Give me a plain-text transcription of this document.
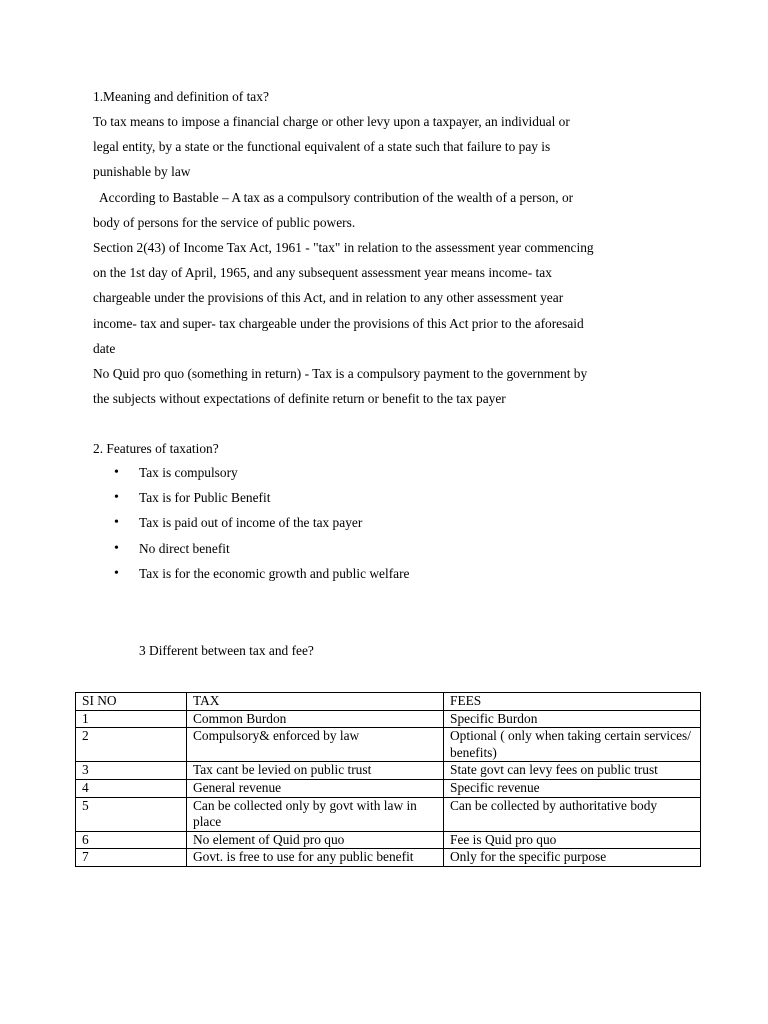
1.Meaning and definition of tax?

To tax means to impose a financial charge or other levy upon a taxpayer, an individual or

legal entity, by a state or the functional equivalent of a state such that failure to pay is

punishable by law

According to Bastable – A tax as a compulsory contribution of the wealth of a person, or

body of persons for the service of public powers.

Section 2(43) of Income Tax Act, 1961 - "tax" in relation to the assessment year commencing

on the 1st day of April, 1965, and any subsequent assessment year means income- tax

chargeable under the provisions of this Act, and in relation to any other assessment year

income- tax and super- tax chargeable under the provisions of this Act prior to the aforesaid

date

No Quid pro quo (something in return) - Tax is a compulsory payment to the government by

the subjects without expectations of definite return or benefit to the tax payer

2. Features of taxation?

• Tax is compulsory
• Tax is for Public Benefit
• Tax is paid out of income of the tax payer
• No direct benefit
• Tax is for the economic growth and public welfare

3 Different between tax and fee?

SI NO	TAX	FEES
1	Common Burdon	Specific Burdon
2	Compulsory& enforced by law	Optional ( only when taking certain services/ benefits)
3	Tax cant be levied on public trust	State govt can levy fees on public trust
4	General revenue	Specific revenue
5	Can be collected only by govt with law in place	Can be collected by authoritative body
6	No element of Quid pro quo	Fee is Quid pro quo
7	Govt. is free to use for any public benefit	Only for the specific purpose
